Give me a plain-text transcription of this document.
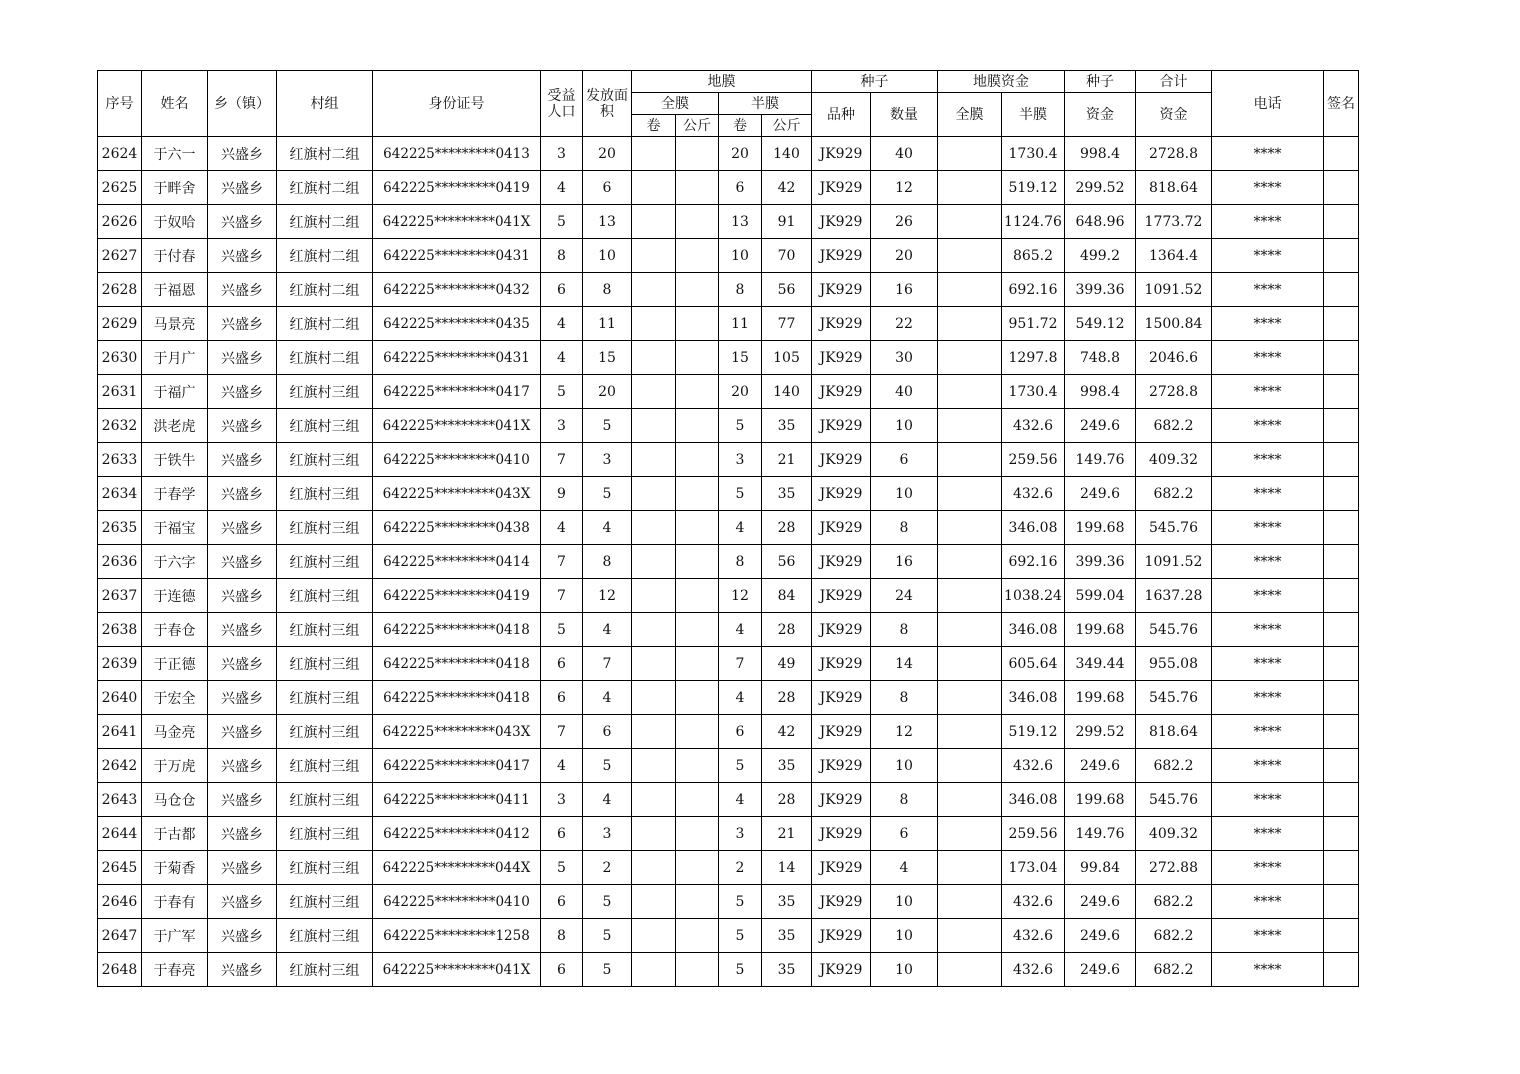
序号	姓名	乡（镇）	村组	身份证号	受益人口	发放面积	地膜				种子		地膜资金		种子	合计	电话	签名
							全膜		半膜		品种	数量	全膜	半膜	资金	资金		
							卷	公斤	卷	公斤								
2624	于六一	兴盛乡	红旗村二组	642225*********0413	3	20			20	140	JK929	40		1730.4	998.4	2728.8	****	
2625	于畔舍	兴盛乡	红旗村二组	642225*********0419	4	6			6	42	JK929	12		519.12	299.52	818.64	****	
2626	于奴哈	兴盛乡	红旗村二组	642225*********041X	5	13			13	91	JK929	26		1124.76	648.96	1773.72	****	
2627	于付春	兴盛乡	红旗村二组	642225*********0431	8	10			10	70	JK929	20		865.2	499.2	1364.4	****	
2628	于福恩	兴盛乡	红旗村二组	642225*********0432	6	8			8	56	JK929	16		692.16	399.36	1091.52	****	
2629	马景亮	兴盛乡	红旗村二组	642225*********0435	4	11			11	77	JK929	22		951.72	549.12	1500.84	****	
2630	于月广	兴盛乡	红旗村二组	642225*********0431	4	15			15	105	JK929	30		1297.8	748.8	2046.6	****	
2631	于福广	兴盛乡	红旗村三组	642225*********0417	5	20			20	140	JK929	40		1730.4	998.4	2728.8	****	
2632	洪老虎	兴盛乡	红旗村三组	642225*********041X	3	5			5	35	JK929	10		432.6	249.6	682.2	****	
2633	于铁牛	兴盛乡	红旗村三组	642225*********0410	7	3			3	21	JK929	6		259.56	149.76	409.32	****	
2634	于春学	兴盛乡	红旗村三组	642225*********043X	9	5			5	35	JK929	10		432.6	249.6	682.2	****	
2635	于福宝	兴盛乡	红旗村三组	642225*********0438	4	4			4	28	JK929	8		346.08	199.68	545.76	****	
2636	于六字	兴盛乡	红旗村三组	642225*********0414	7	8			8	56	JK929	16		692.16	399.36	1091.52	****	
2637	于连德	兴盛乡	红旗村三组	642225*********0419	7	12			12	84	JK929	24		1038.24	599.04	1637.28	****	
2638	于春仓	兴盛乡	红旗村三组	642225*********0418	5	4			4	28	JK929	8		346.08	199.68	545.76	****	
2639	于正德	兴盛乡	红旗村三组	642225*********0418	6	7			7	49	JK929	14		605.64	349.44	955.08	****	
2640	于宏全	兴盛乡	红旗村三组	642225*********0418	6	4			4	28	JK929	8		346.08	199.68	545.76	****	
2641	马金亮	兴盛乡	红旗村三组	642225*********043X	7	6			6	42	JK929	12		519.12	299.52	818.64	****	
2642	于万虎	兴盛乡	红旗村三组	642225*********0417	4	5			5	35	JK929	10		432.6	249.6	682.2	****	
2643	马仓仓	兴盛乡	红旗村三组	642225*********0411	3	4			4	28	JK929	8		346.08	199.68	545.76	****	
2644	于古都	兴盛乡	红旗村三组	642225*********0412	6	3			3	21	JK929	6		259.56	149.76	409.32	****	
2645	于菊香	兴盛乡	红旗村三组	642225*********044X	5	2			2	14	JK929	4		173.04	99.84	272.88	****	
2646	于春有	兴盛乡	红旗村三组	642225*********0410	6	5			5	35	JK929	10		432.6	249.6	682.2	****	
2647	于广军	兴盛乡	红旗村三组	642225*********1258	8	5			5	35	JK929	10		432.6	249.6	682.2	****	
2648	于春亮	兴盛乡	红旗村三组	642225*********041X	6	5			5	35	JK929	10		432.6	249.6	682.2	****	
